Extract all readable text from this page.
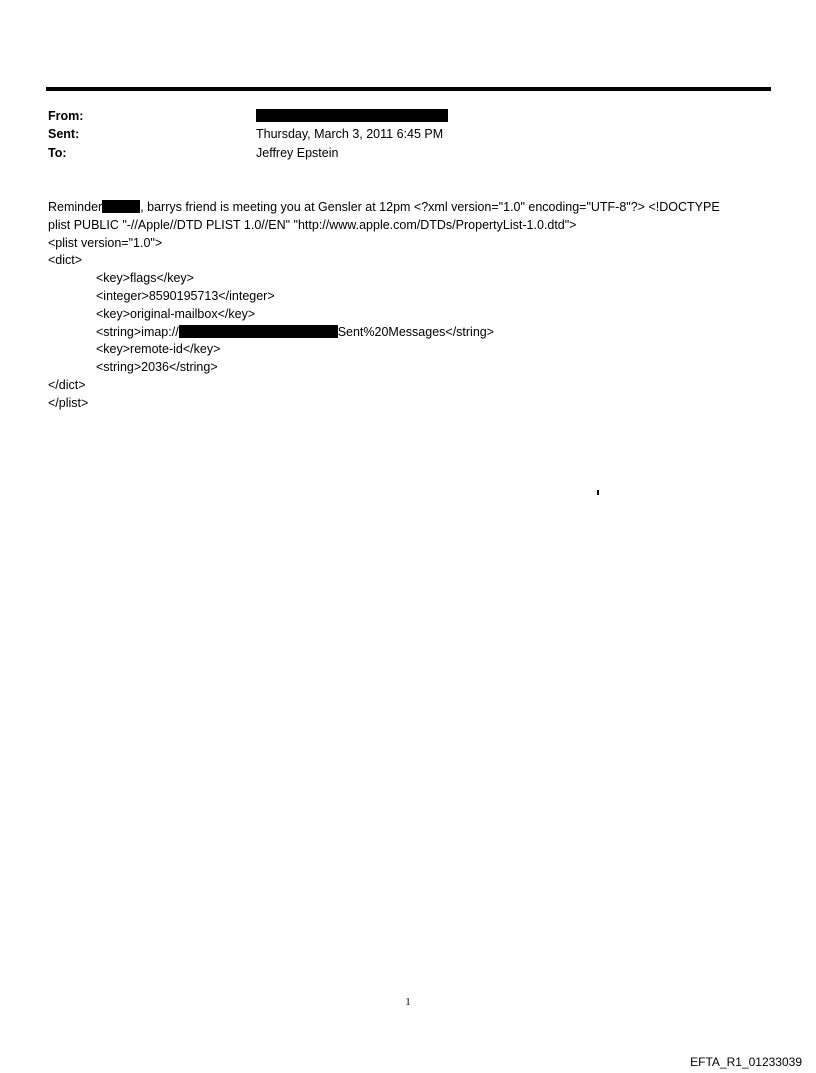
From:
Sent:	Thursday, March 3, 2011 6:45 PM
To:	Jeffrey Epstein
Reminder	, barrys friend is meeting you at Gensler at 12pm <?xml version="1.0" encoding="UTF-8"?> <!DOCTYPE
plist PUBLIC "-//Apple//DTD PLIST 1.0//EN" "http://www.apple.com/DTDs/PropertyList-1.0.dtd">
<plist version="1.0">
<dict>
<key>flags</key>
<integer>8590195713</integer>
<key>original-mailbox</key>
<string>imap://	Sent%20Messages</string>
<key>remote-id</key>
<string>2036</string>
</dict>
</plist>
1
EFTA_R1_01233039
